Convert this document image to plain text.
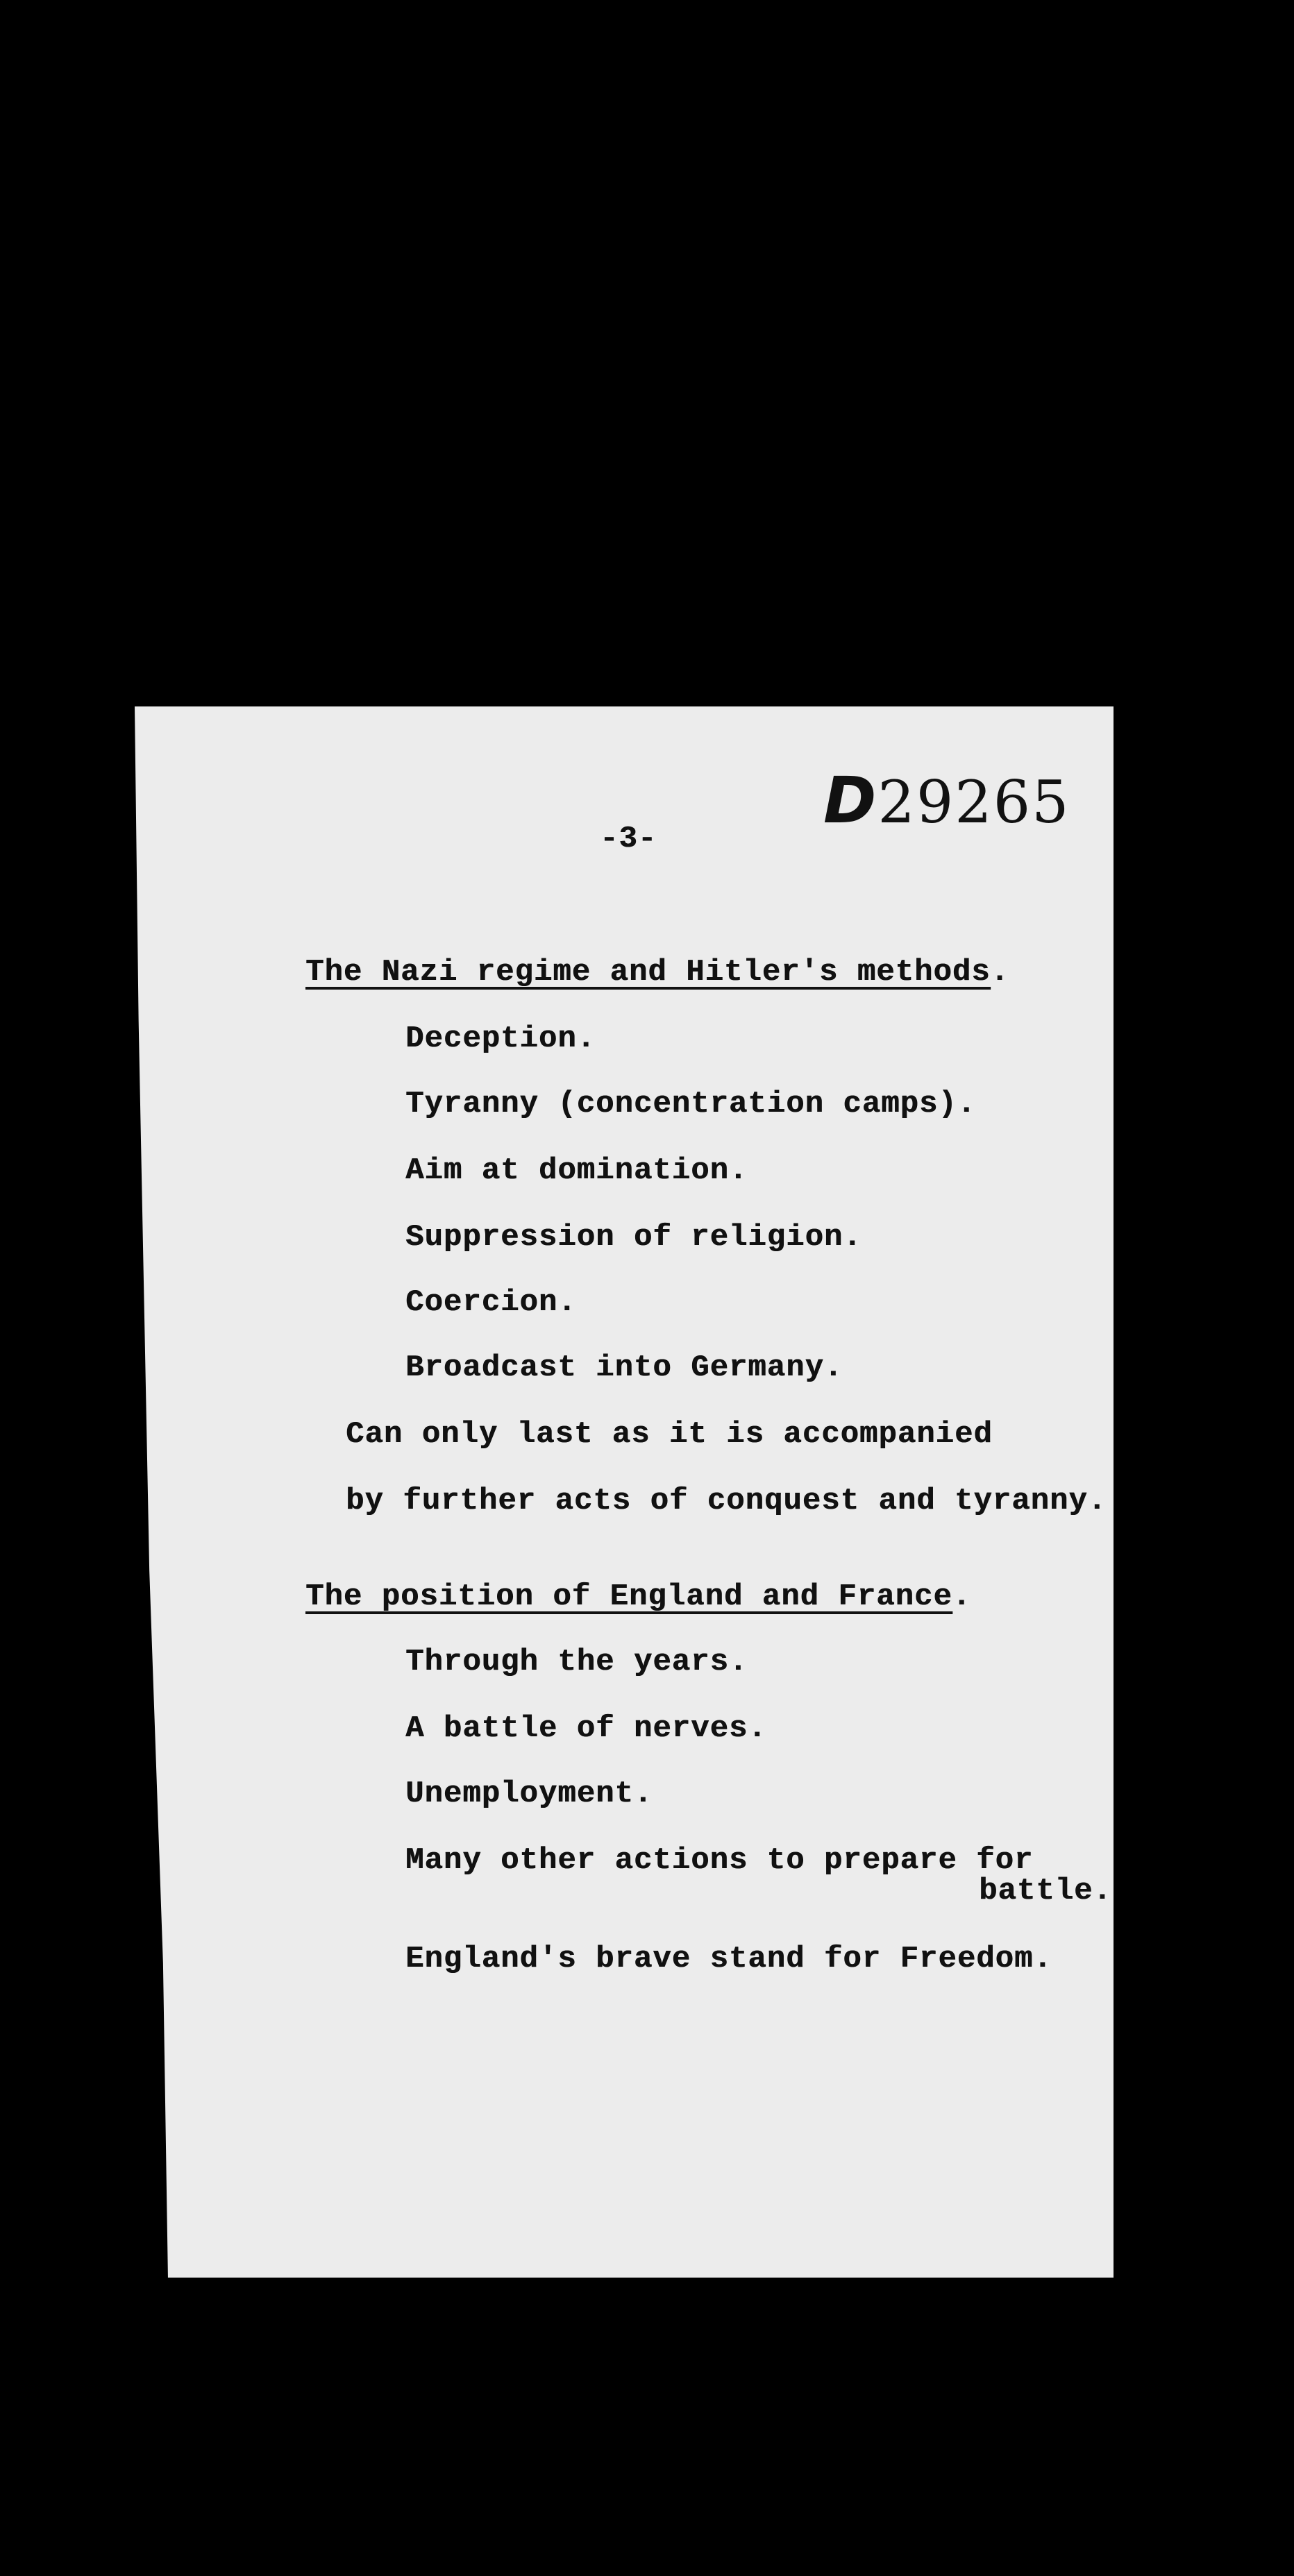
D29265
-3-
The Nazi regime and Hitler's methods.
Deception.
Tyranny (concentration camps).
Aim at domination.
Suppression of religion.
Coercion.
Broadcast into Germany.
Can only last as it is accompanied
by further acts of conquest and tyranny.
The position of England and France.
Through the years.
A battle of nerves.
Unemployment.
Many other actions to prepare for
battle.
England's brave stand for Freedom.
